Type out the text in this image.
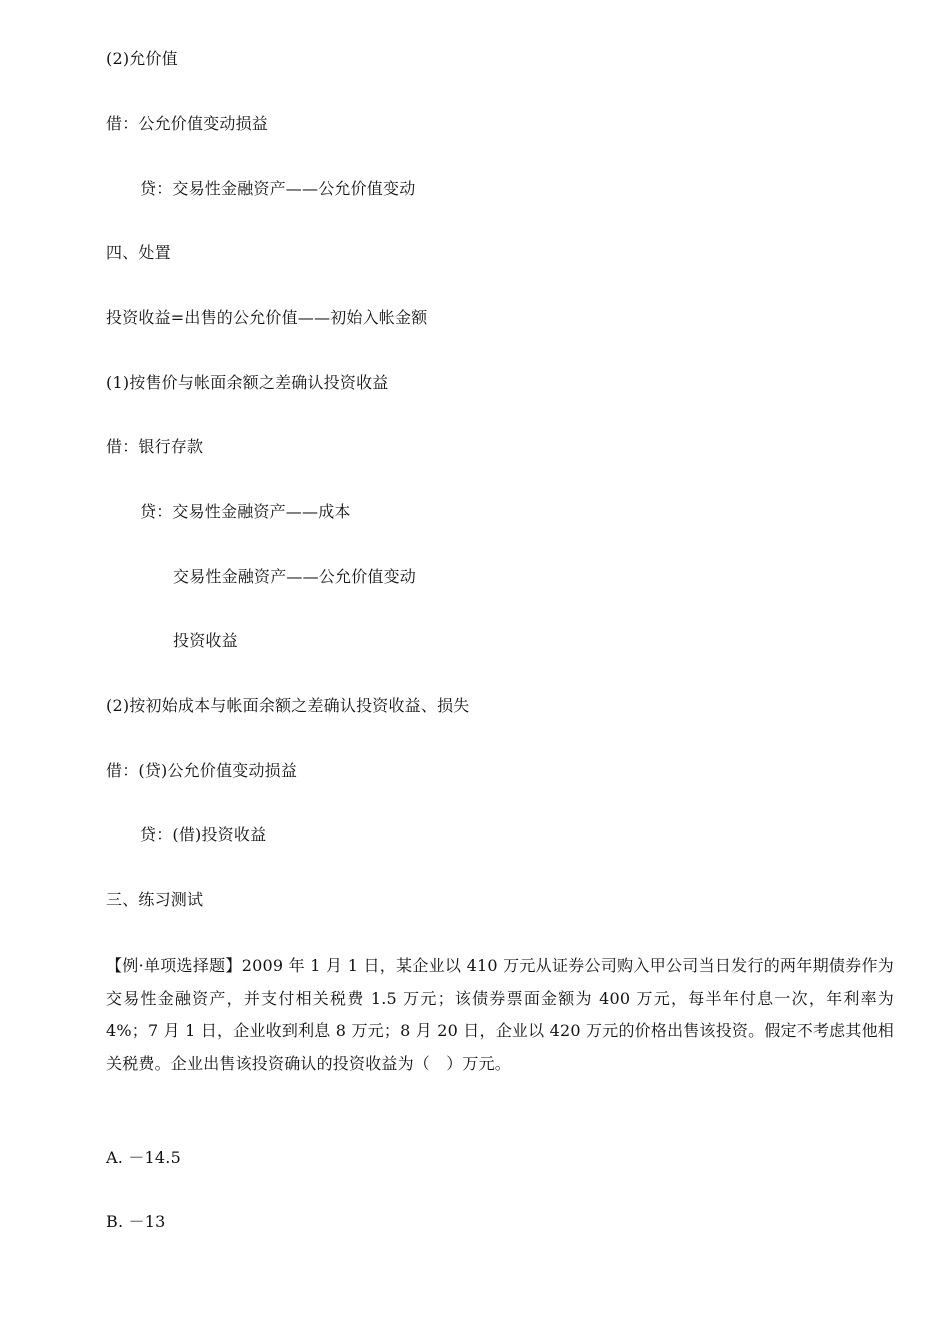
(2)允价值
借：公允价值变动损益
贷：交易性金融资产——公允价值变动
四、处置
投资收益=出售的公允价值——初始入帐金额
(1)按售价与帐面余额之差确认投资收益
借：银行存款
贷：交易性金融资产——成本
交易性金融资产——公允价值变动
投资收益
(2)按初始成本与帐面余额之差确认投资收益、损失
借：(贷)公允价值变动损益
贷：(借)投资收益
三、练习测试
【例·单项选择题】2009 年 1 月 1 日，某企业以 410 万元从证券公司购入甲公司当日发行的两年期债券作为交易性金融资产，并支付相关税费 1.5 万元；该债券票面金额为 400 万元，每半年付息一次，年利率为 4%；7 月 1 日，企业收到利息 8 万元；8 月 20 日，企业以 420 万元的价格出售该投资。假定不考虑其他相关税费。企业出售该投资确认的投资收益为（　）万元。
A. －14.5
B. －13
